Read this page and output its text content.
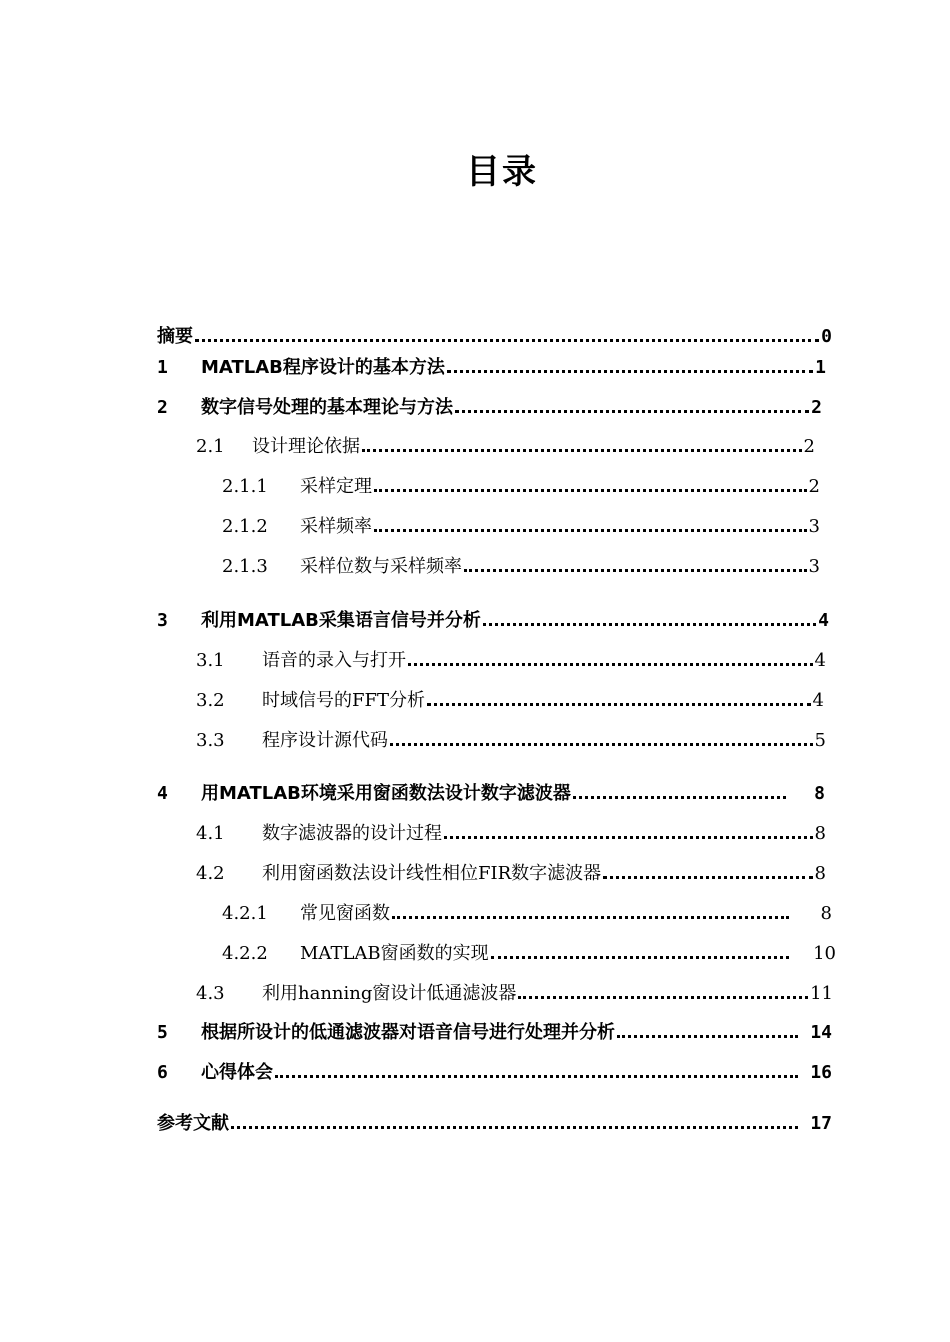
目录
摘要	0
1	MATLAB程序设计的基本方法	1
2	数字信号处理的基本理论与方法	2
2.1	设计理论依据	2
2.1.1	采样定理	2
2.1.2	采样频率	3
2.1.3	采样位数与采样频率	3
3	利用MATLAB采集语言信号并分析	4
3.1	语音的录入与打开	4
3.2	时域信号的FFT分析	4
3.3	程序设计源代码	5
4	用MATLAB环境采用窗函数法设计数字滤波器	8
4.1	数字滤波器的设计过程	8
4.2	利用窗函数法设计线性相位FIR数字滤波器	8
4.2.1	常见窗函数	8
4.2.2	MATLAB窗函数的实现	10
4.3	利用hanning窗设计低通滤波器	11
5	根据所设计的低通滤波器对语音信号进行处理并分析	14
6	心得体会	16
参考文献	17
